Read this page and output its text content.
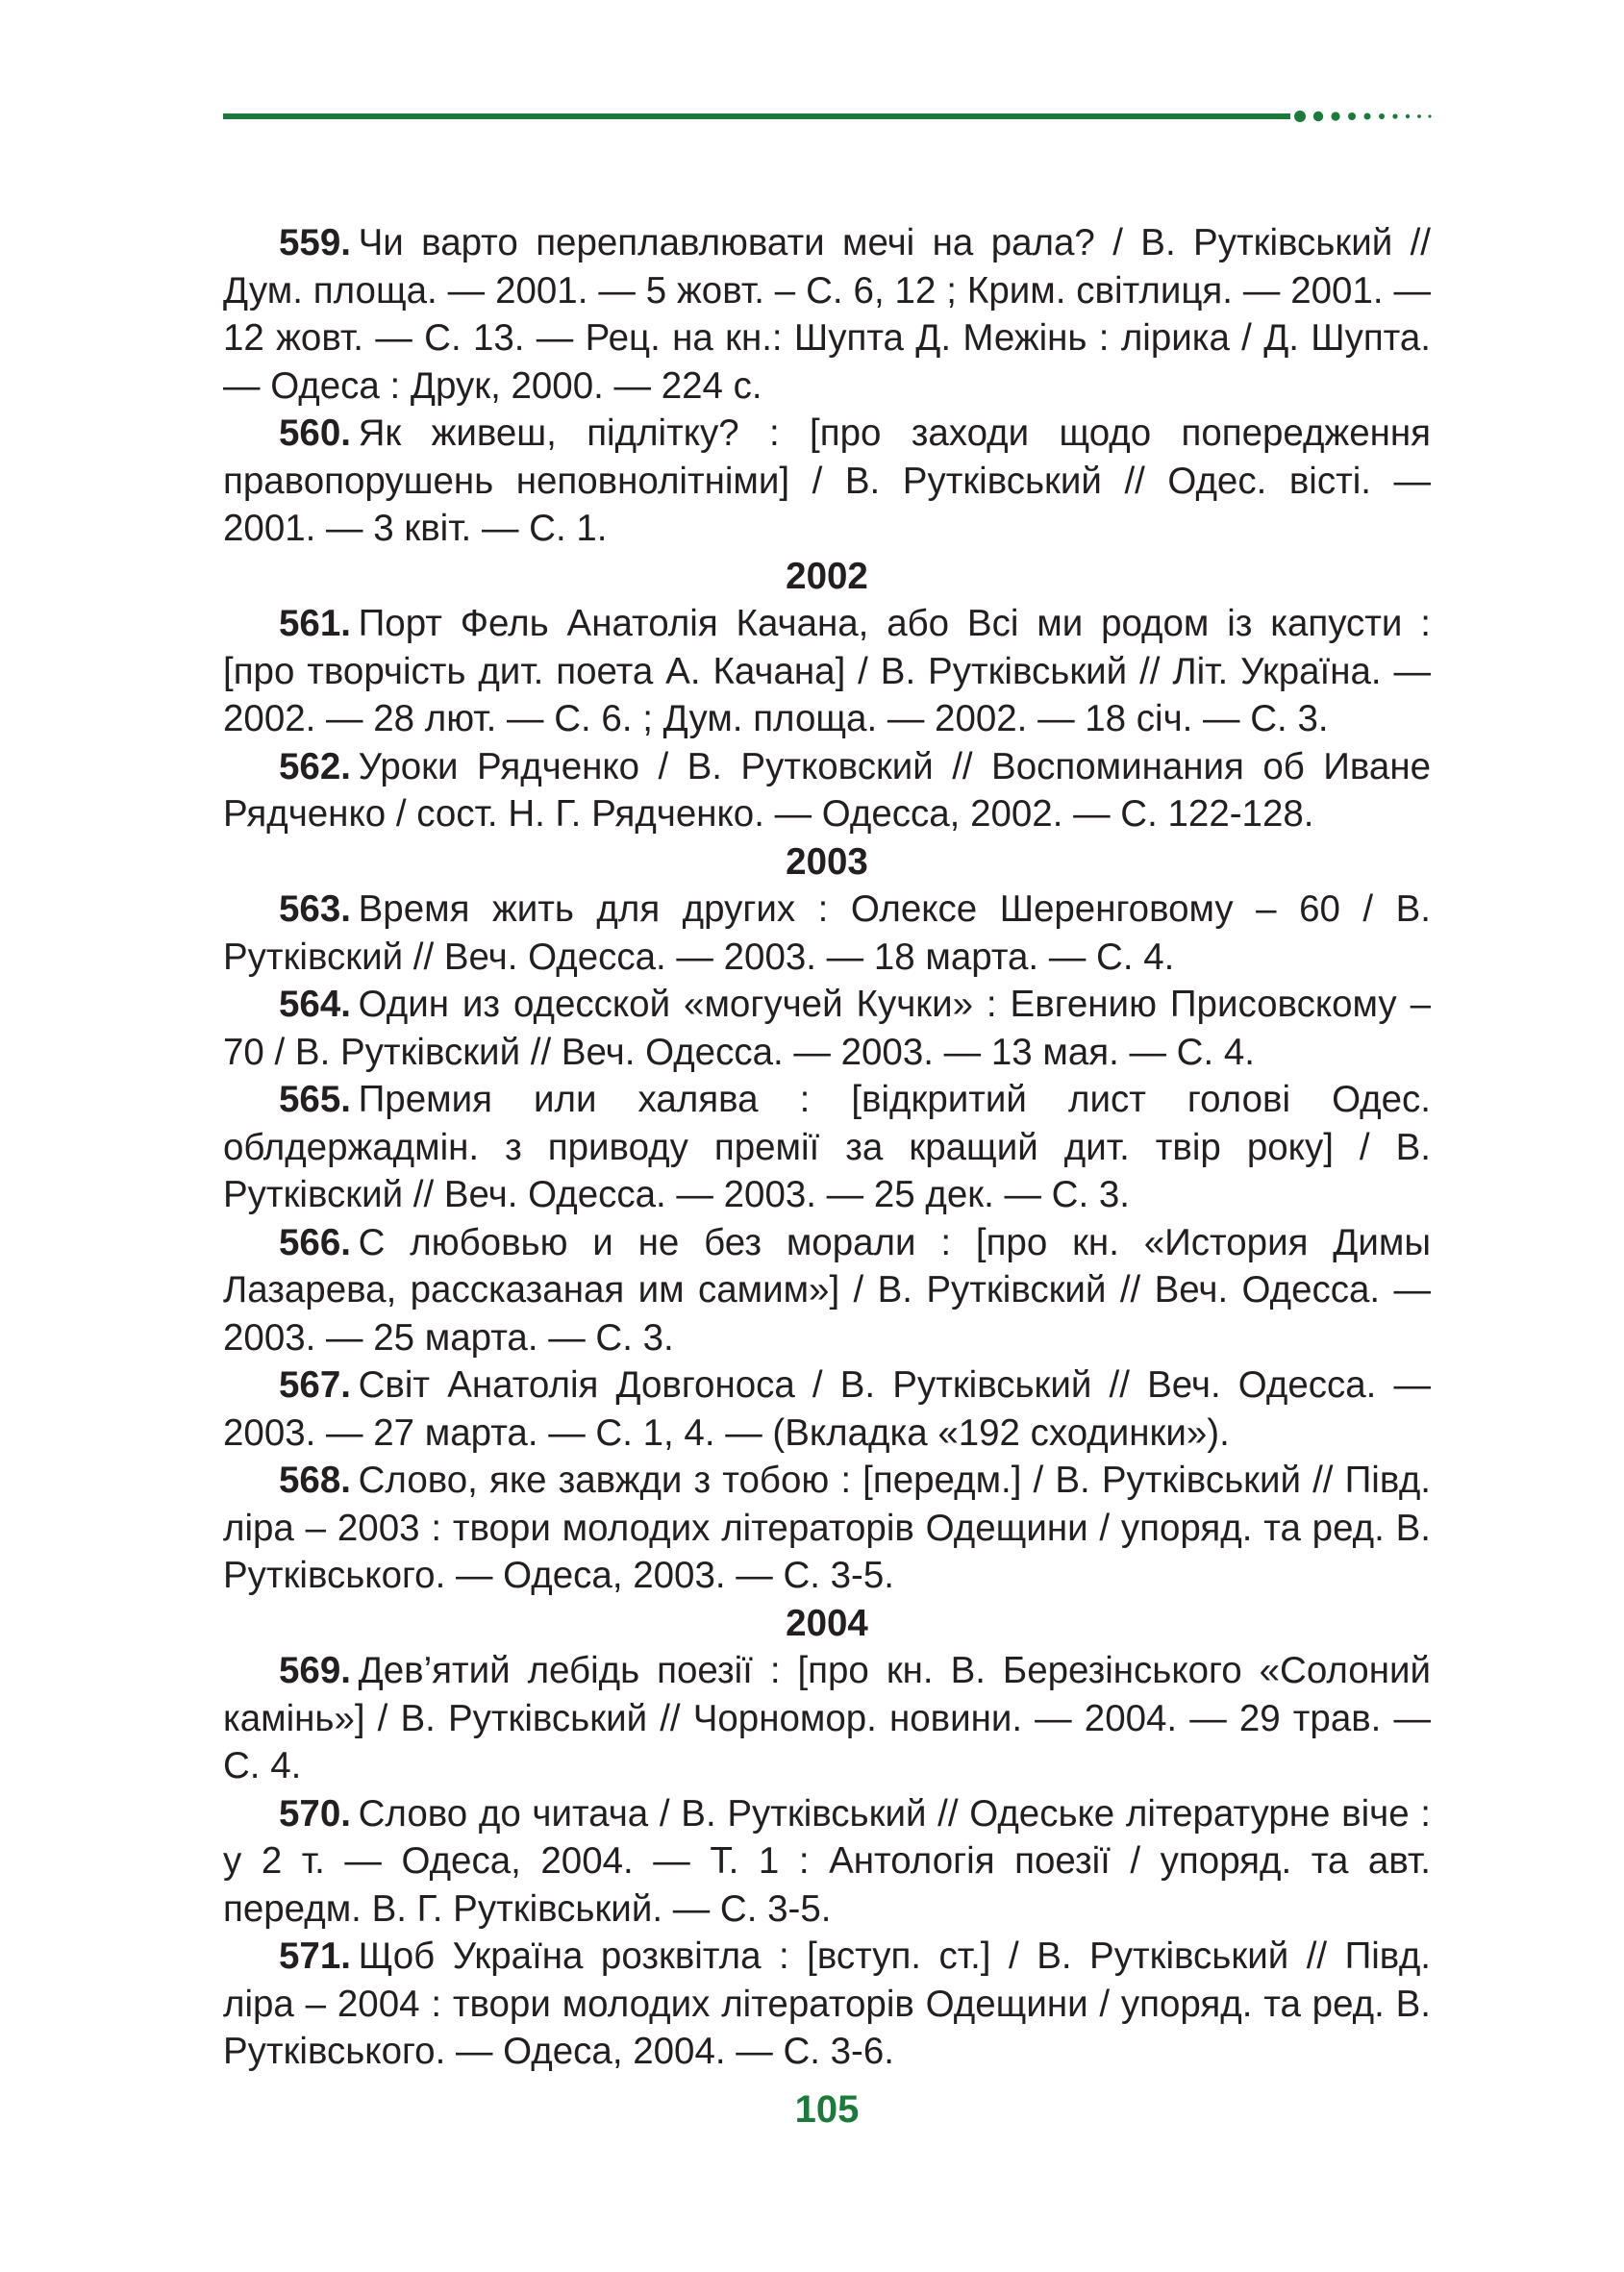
559. Чи варто переплавлювати мечі на рала? / В. Рутківський // Дум. площа. — 2001. — 5 жовт. – С. 6, 12 ; Крим. світлиця. — 2001. — 12 жовт. — С. 13. — Рец. на кн.: Шупта Д. Межінь : лірика / Д. Шупта. — Одеса : Друк, 2000. — 224 с.

560. Як живеш, підлітку? : [про заходи щодо попередження правопорушень неповнолітніми] / В. Рутківський // Одес. вісті. — 2001. — 3 квіт. — С. 1.

2002

561. Порт Фель Анатолія Качана, або Всі ми родом із капусти : [про творчість дит. поета А. Качана] / В. Рутківський // Літ. Україна. — 2002. — 28 лют. — С. 6. ; Дум. площа. — 2002. — 18 січ. — С. 3.

562. Уроки Рядченко / В. Рутковский // Воспоминания об Иване Рядченко / сост. Н. Г. Рядченко. — Одесса, 2002. — С. 122-128.

2003

563. Время жить для других : Олексе Шеренговому – 60 / В. Рутківский // Веч. Одесса. — 2003. — 18 марта. — С. 4.

564. Один из одесской «могучей Кучки» : Евгению Присовскому – 70 / В. Рутківский // Веч. Одесса. — 2003. — 13 мая. — С. 4.

565. Премия или халява : [відкритий лист голові Одес. облдержадмін. з приводу премії за кращий дит. твір року] / В. Рутківский // Веч. Одесса. — 2003. — 25 дек. — С. 3.

566. С любовью и не без морали : [про кн. «История Димы Лазарева, рассказаная им самим»] / В. Рутківский // Веч. Одесса. — 2003. — 25 марта. — С. 3.

567. Світ Анатолія Довгоноса / В. Рутківський // Веч. Одесса. — 2003. — 27 марта. — С. 1, 4. — (Вкладка «192 сходинки»).

568. Слово, яке завжди з тобою : [передм.] / В. Рутківський // Півд. ліра – 2003 : твори молодих літераторів Одещини / упоряд. та ред. В. Рутківського. — Одеса, 2003. — С. 3-5.

2004

569. Дев’ятий лебідь поезії : [про кн. В. Березінського «Солоний камінь»] / В. Рутківський // Чорномор. новини. — 2004. — 29 трав. — С. 4.

570. Слово до читача / В. Рутківський // Одеське літературне віче : у 2 т. — Одеса, 2004. — Т. 1 : Антологія поезії / упоряд. та авт. передм. В. Г. Рутківський. — С. 3-5.

571. Щоб Україна розквітла : [вступ. ст.] / В. Рутківський // Півд. ліра – 2004 : твори молодих літераторів Одещини / упоряд. та ред. В. Рутківського. — Одеса, 2004. — С. 3-6.

105
